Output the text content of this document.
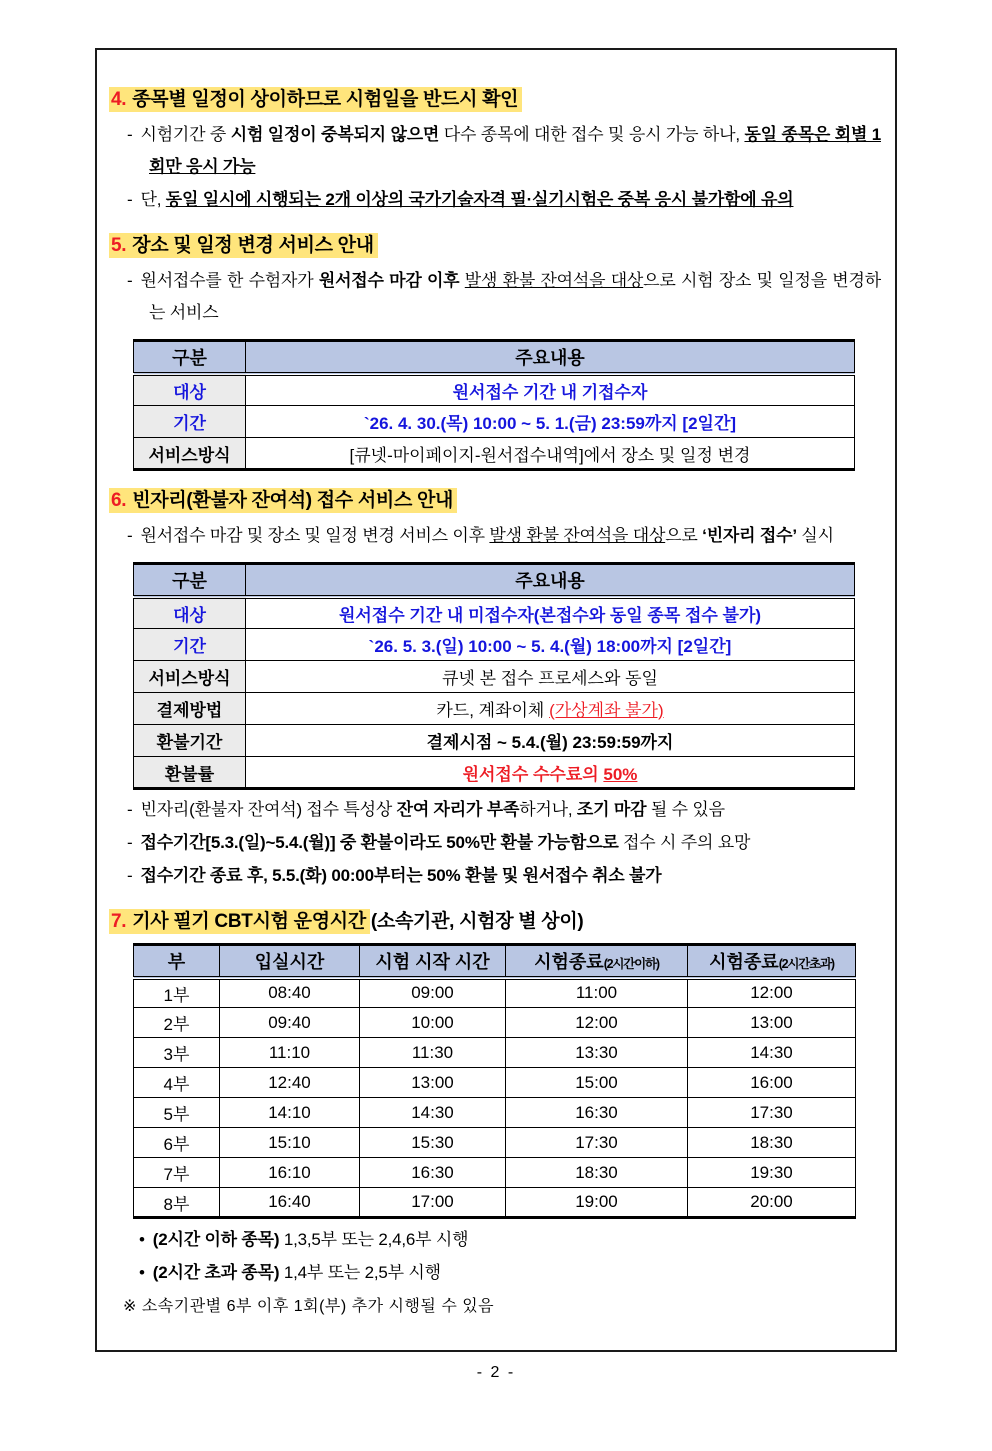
4. 종목별 일정이 상이하므로 시험일을 반드시 확인
- 시험기간 중 시험 일정이 중복되지 않으면 다수 종목에 대한 접수 및 응시 가능 하나, 동일 종목은 회별 1회만 응시 가능
- 단, 동일 일시에 시행되는 2개 이상의 국가기술자격 필·실기시험은 중복 응시 불가함에 유의
5. 장소 및 일정 변경 서비스 안내
- 원서접수를 한 수험자가 원서접수 마감 이후 발생 환불 잔여석을 대상으로 시험 장소 및 일정을 변경하는 서비스
구분	주요내용
대상	원서접수 기간 내 기접수자
기간	`26. 4. 30.(목) 10:00 ~ 5. 1.(금) 23:59까지 [2일간]
서비스방식	[큐넷-마이페이지-원서접수내역]에서 장소 및 일정 변경
6. 빈자리(환불자 잔여석) 접수 서비스 안내
- 원서접수 마감 및 장소 및 일정 변경 서비스 이후 발생 환불 잔여석을 대상으로 ‘빈자리 접수’ 실시
구분	주요내용
대상	원서접수 기간 내 미접수자(본접수와 동일 종목 접수 불가)
기간	`26. 5. 3.(일) 10:00 ~ 5. 4.(월) 18:00까지 [2일간]
서비스방식	큐넷 본 접수 프로세스와 동일
결제방법	카드, 계좌이체 (가상계좌 불가)
환불기간	결제시점 ~ 5.4.(월) 23:59:59까지
환불률	원서접수 수수료의 50%
- 빈자리(환불자 잔여석) 접수 특성상 잔여 자리가 부족하거나, 조기 마감 될 수 있음
- 접수기간[5.3.(일)~5.4.(월)] 중 환불이라도 50%만 환불 가능함으로 접수 시 주의 요망
- 접수기간 종료 후, 5.5.(화) 00:00부터는 50% 환불 및 원서접수 취소 불가
7. 기사 필기 CBT시험 운영시간 (소속기관, 시험장 별 상이)
부	입실시간	시험 시작 시간	시험종료(2시간이하)	시험종료(2시간초과)
1부	08:40	09:00	11:00	12:00
2부	09:40	10:00	12:00	13:00
3부	11:10	11:30	13:30	14:30
4부	12:40	13:00	15:00	16:00
5부	14:10	14:30	16:30	17:30
6부	15:10	15:30	17:30	18:30
7부	16:10	16:30	18:30	19:30
8부	16:40	17:00	19:00	20:00
• (2시간 이하 종목) 1,3,5부 또는 2,4,6부 시행
• (2시간 초과 종목) 1,4부 또는 2,5부 시행
※ 소속기관별 6부 이후 1회(부) 추가 시행될 수 있음
- 2 -
